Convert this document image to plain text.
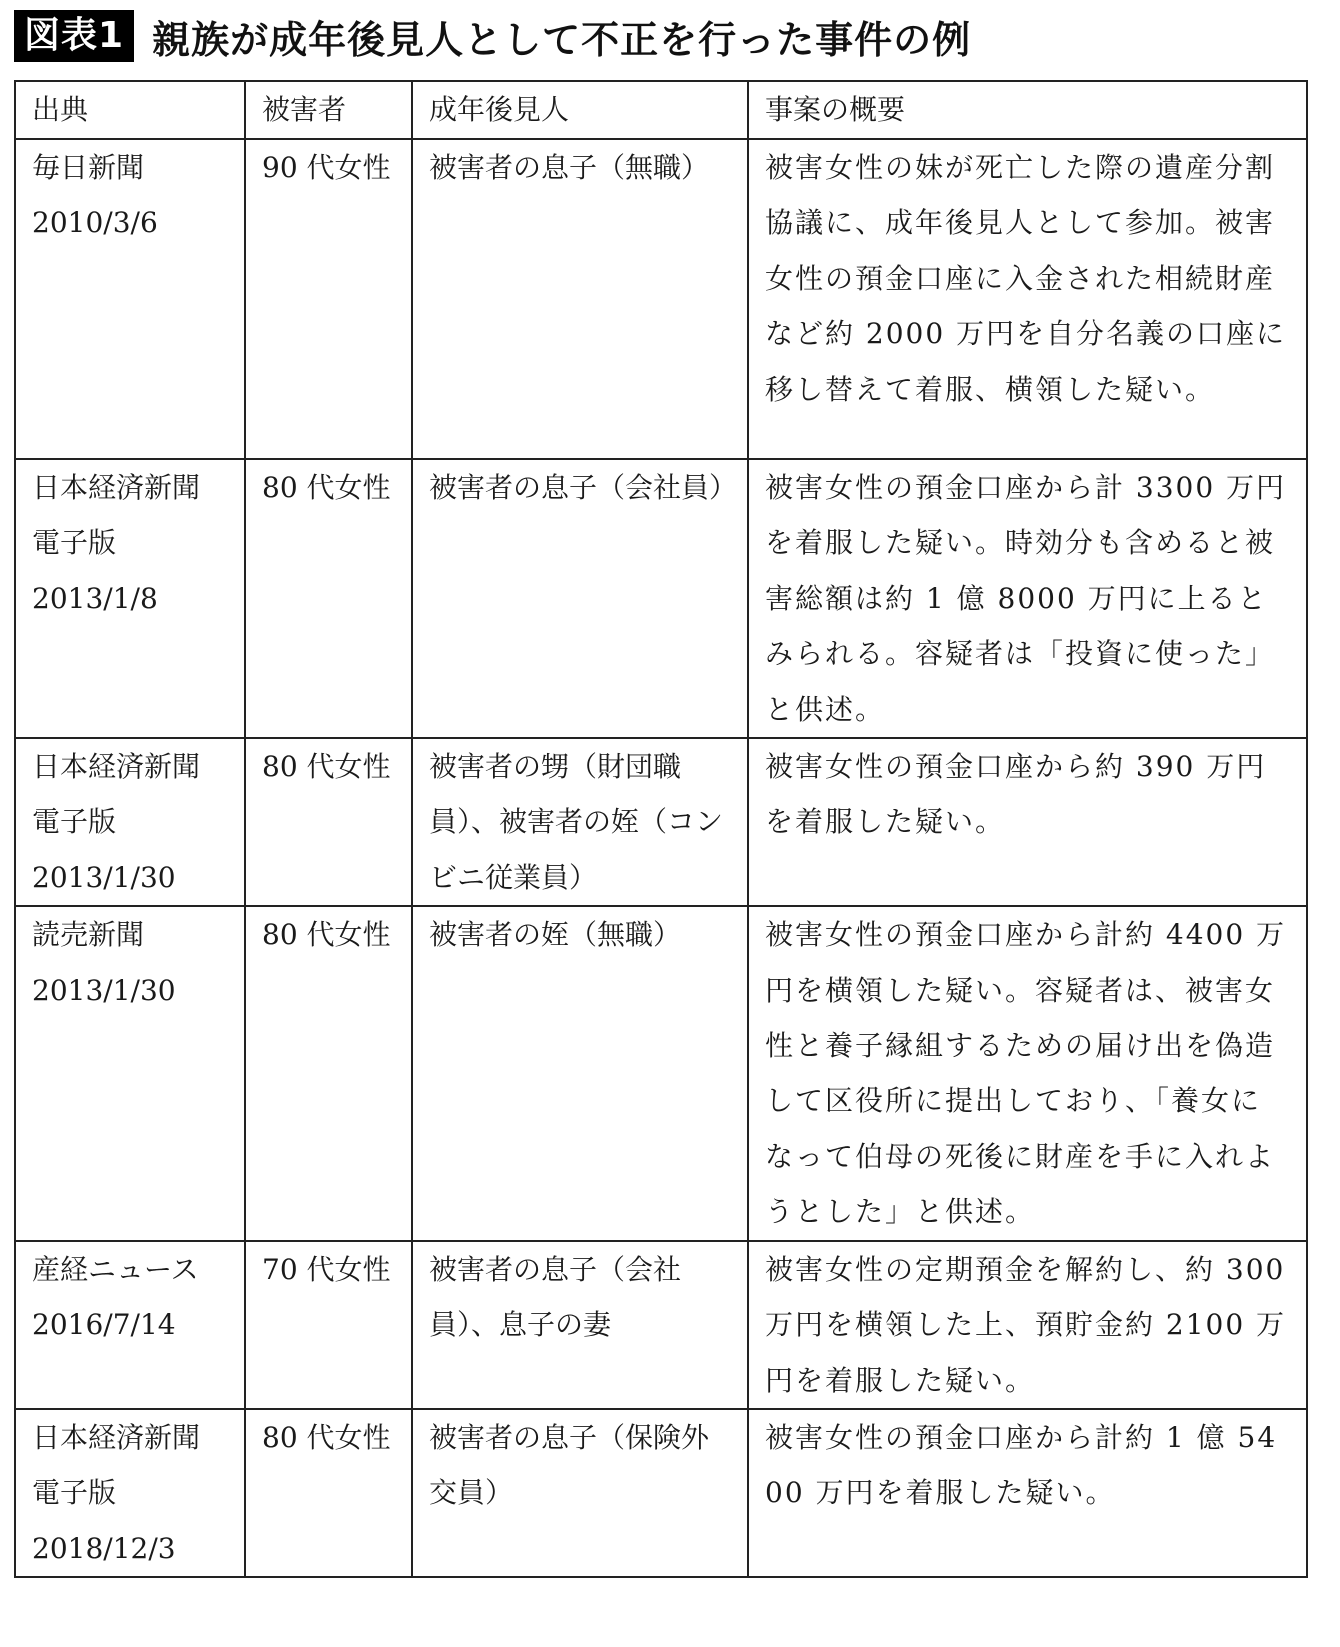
図表1 親族が成年後見人として不正を行った事件の例
出典	被害者	成年後見人	事案の概要

毎日新聞
2010/3/6	90 代女性	被害者の息子（無職）	被害女性の妹が死亡した際の遺産分割協議に、成年後見人として参加。被害女性の預金口座に入金された相続財産など約 2000 万円を自分名義の口座に移し替えて着服、横領した疑い。

日本経済新聞
電子版
2013/1/8	80 代女性	被害者の息子（会社員）	被害女性の預金口座から計 3300 万円を着服した疑い。時効分も含めると被害総額は約 1 億 8000 万円に上るとみられる。容疑者は「投資に使った」と供述。

日本経済新聞
電子版
2013/1/30	80 代女性	被害者の甥（財団職員）、被害者の姪（コンビニ従業員）	被害女性の預金口座から約 390 万円を着服した疑い。

読売新聞
2013/1/30	80 代女性	被害者の姪（無職）	被害女性の預金口座から計約 4400 万円を横領した疑い。容疑者は、被害女性と養子縁組するための届け出を偽造して区役所に提出しており、「養女になって伯母の死後に財産を手に入れようとした」と供述。

産経ニュース
2016/7/14	70 代女性	被害者の息子（会社員）、息子の妻	被害女性の定期預金を解約し、約 300 万円を横領した上、預貯金約 2100 万円を着服した疑い。

日本経済新聞
電子版
2018/12/3	80 代女性	被害者の息子（保険外交員）	被害女性の預金口座から計約 1 億 5400 万円を着服した疑い。
